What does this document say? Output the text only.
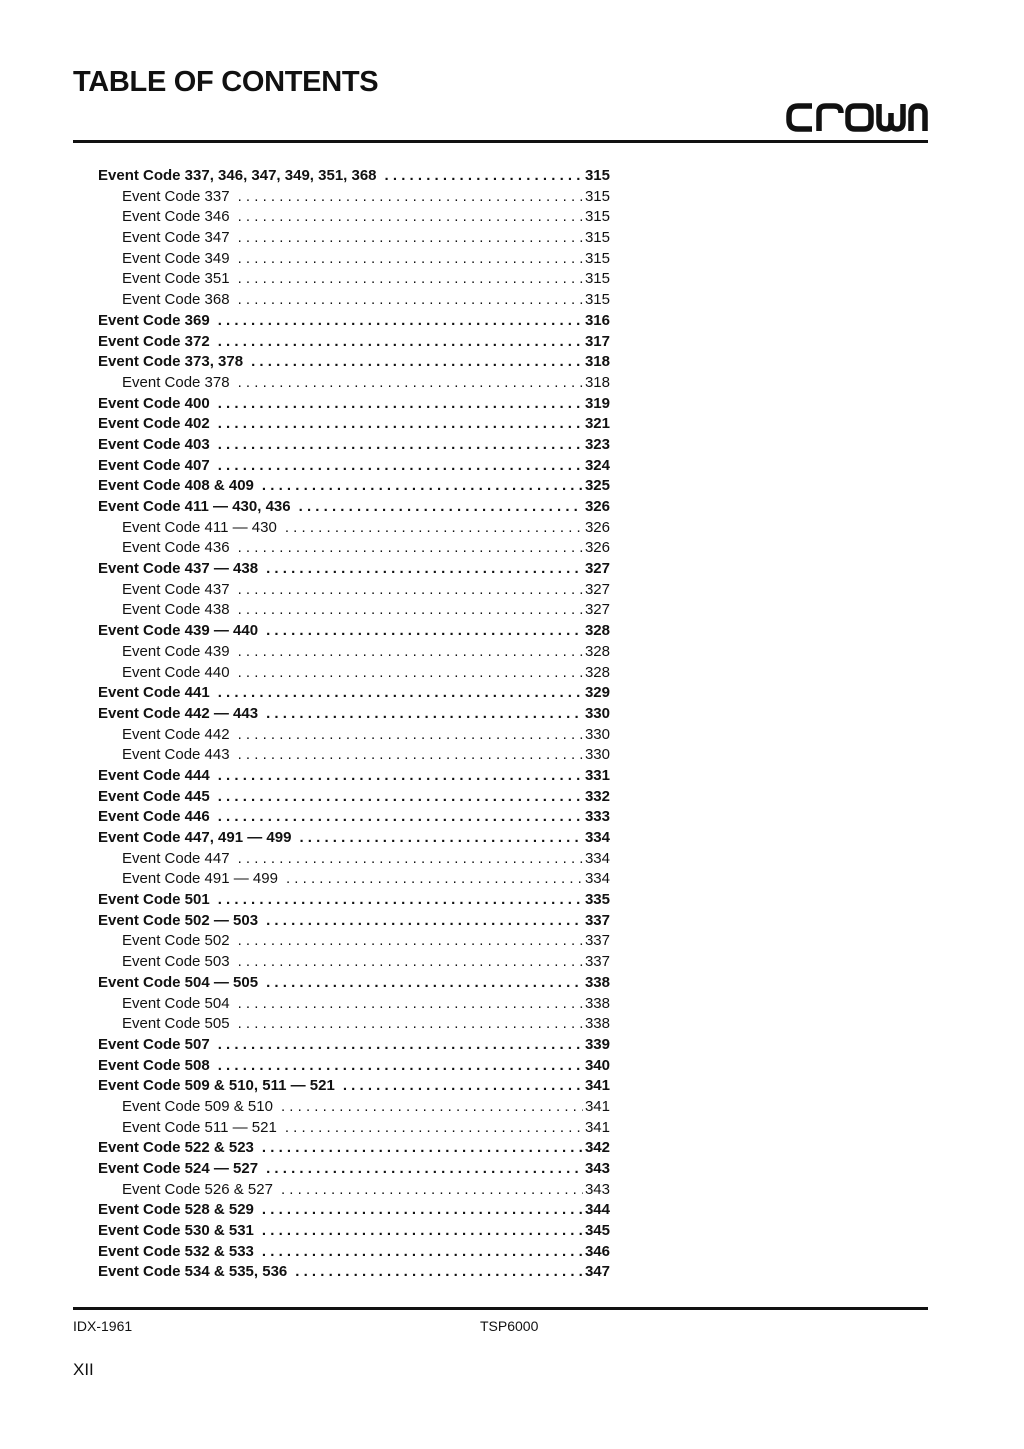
TABLE OF CONTENTS
Event Code 337, 346, 347, 349, 351, 368 . . .	315
Event Code 337 . . .	315
Event Code 346 . . .	315
Event Code 347 . . .	315
Event Code 349 . . .	315
Event Code 351 . . .	315
Event Code 368 . . .	315
Event Code 369 . . .	316
Event Code 372 . . .	317
Event Code 373, 378 . . .	318
Event Code 378 . . .	318
Event Code 400 . . .	319
Event Code 402 . . .	321
Event Code 403 . . .	323
Event Code 407 . . .	324
Event Code 408 & 409 . . .	325
Event Code 411 — 430, 436 . . .	326
Event Code 411 — 430 . . .	326
Event Code 436 . . .	326
Event Code 437 — 438 . . .	327
Event Code 437 . . .	327
Event Code 438 . . .	327
Event Code 439 — 440 . . .	328
Event Code 439 . . .	328
Event Code 440 . . .	328
Event Code 441 . . .	329
Event Code 442 — 443 . . .	330
Event Code 442 . . .	330
Event Code 443 . . .	330
Event Code 444 . . .	331
Event Code 445 . . .	332
Event Code 446 . . .	333
Event Code 447, 491 — 499 . . .	334
Event Code 447 . . .	334
Event Code 491 — 499 . . .	334
Event Code 501 . . .	335
Event Code 502 — 503 . . .	337
Event Code 502 . . .	337
Event Code 503 . . .	337
Event Code 504 — 505 . . .	338
Event Code 504 . . .	338
Event Code 505 . . .	338
Event Code 507 . . .	339
Event Code 508 . . .	340
Event Code 509 & 510, 511 — 521 . . .	341
Event Code 509 & 510 . . .	341
Event Code 511 — 521 . . .	341
Event Code 522 & 523 . . .	342
Event Code 524 — 527 . . .	343
Event Code 526 & 527 . . .	343
Event Code 528 & 529 . . .	344
Event Code 530 & 531 . . .	345
Event Code 532 & 533 . . .	346
Event Code 534 & 535, 536 . . .	347
IDX-1961	TSP6000
XII
